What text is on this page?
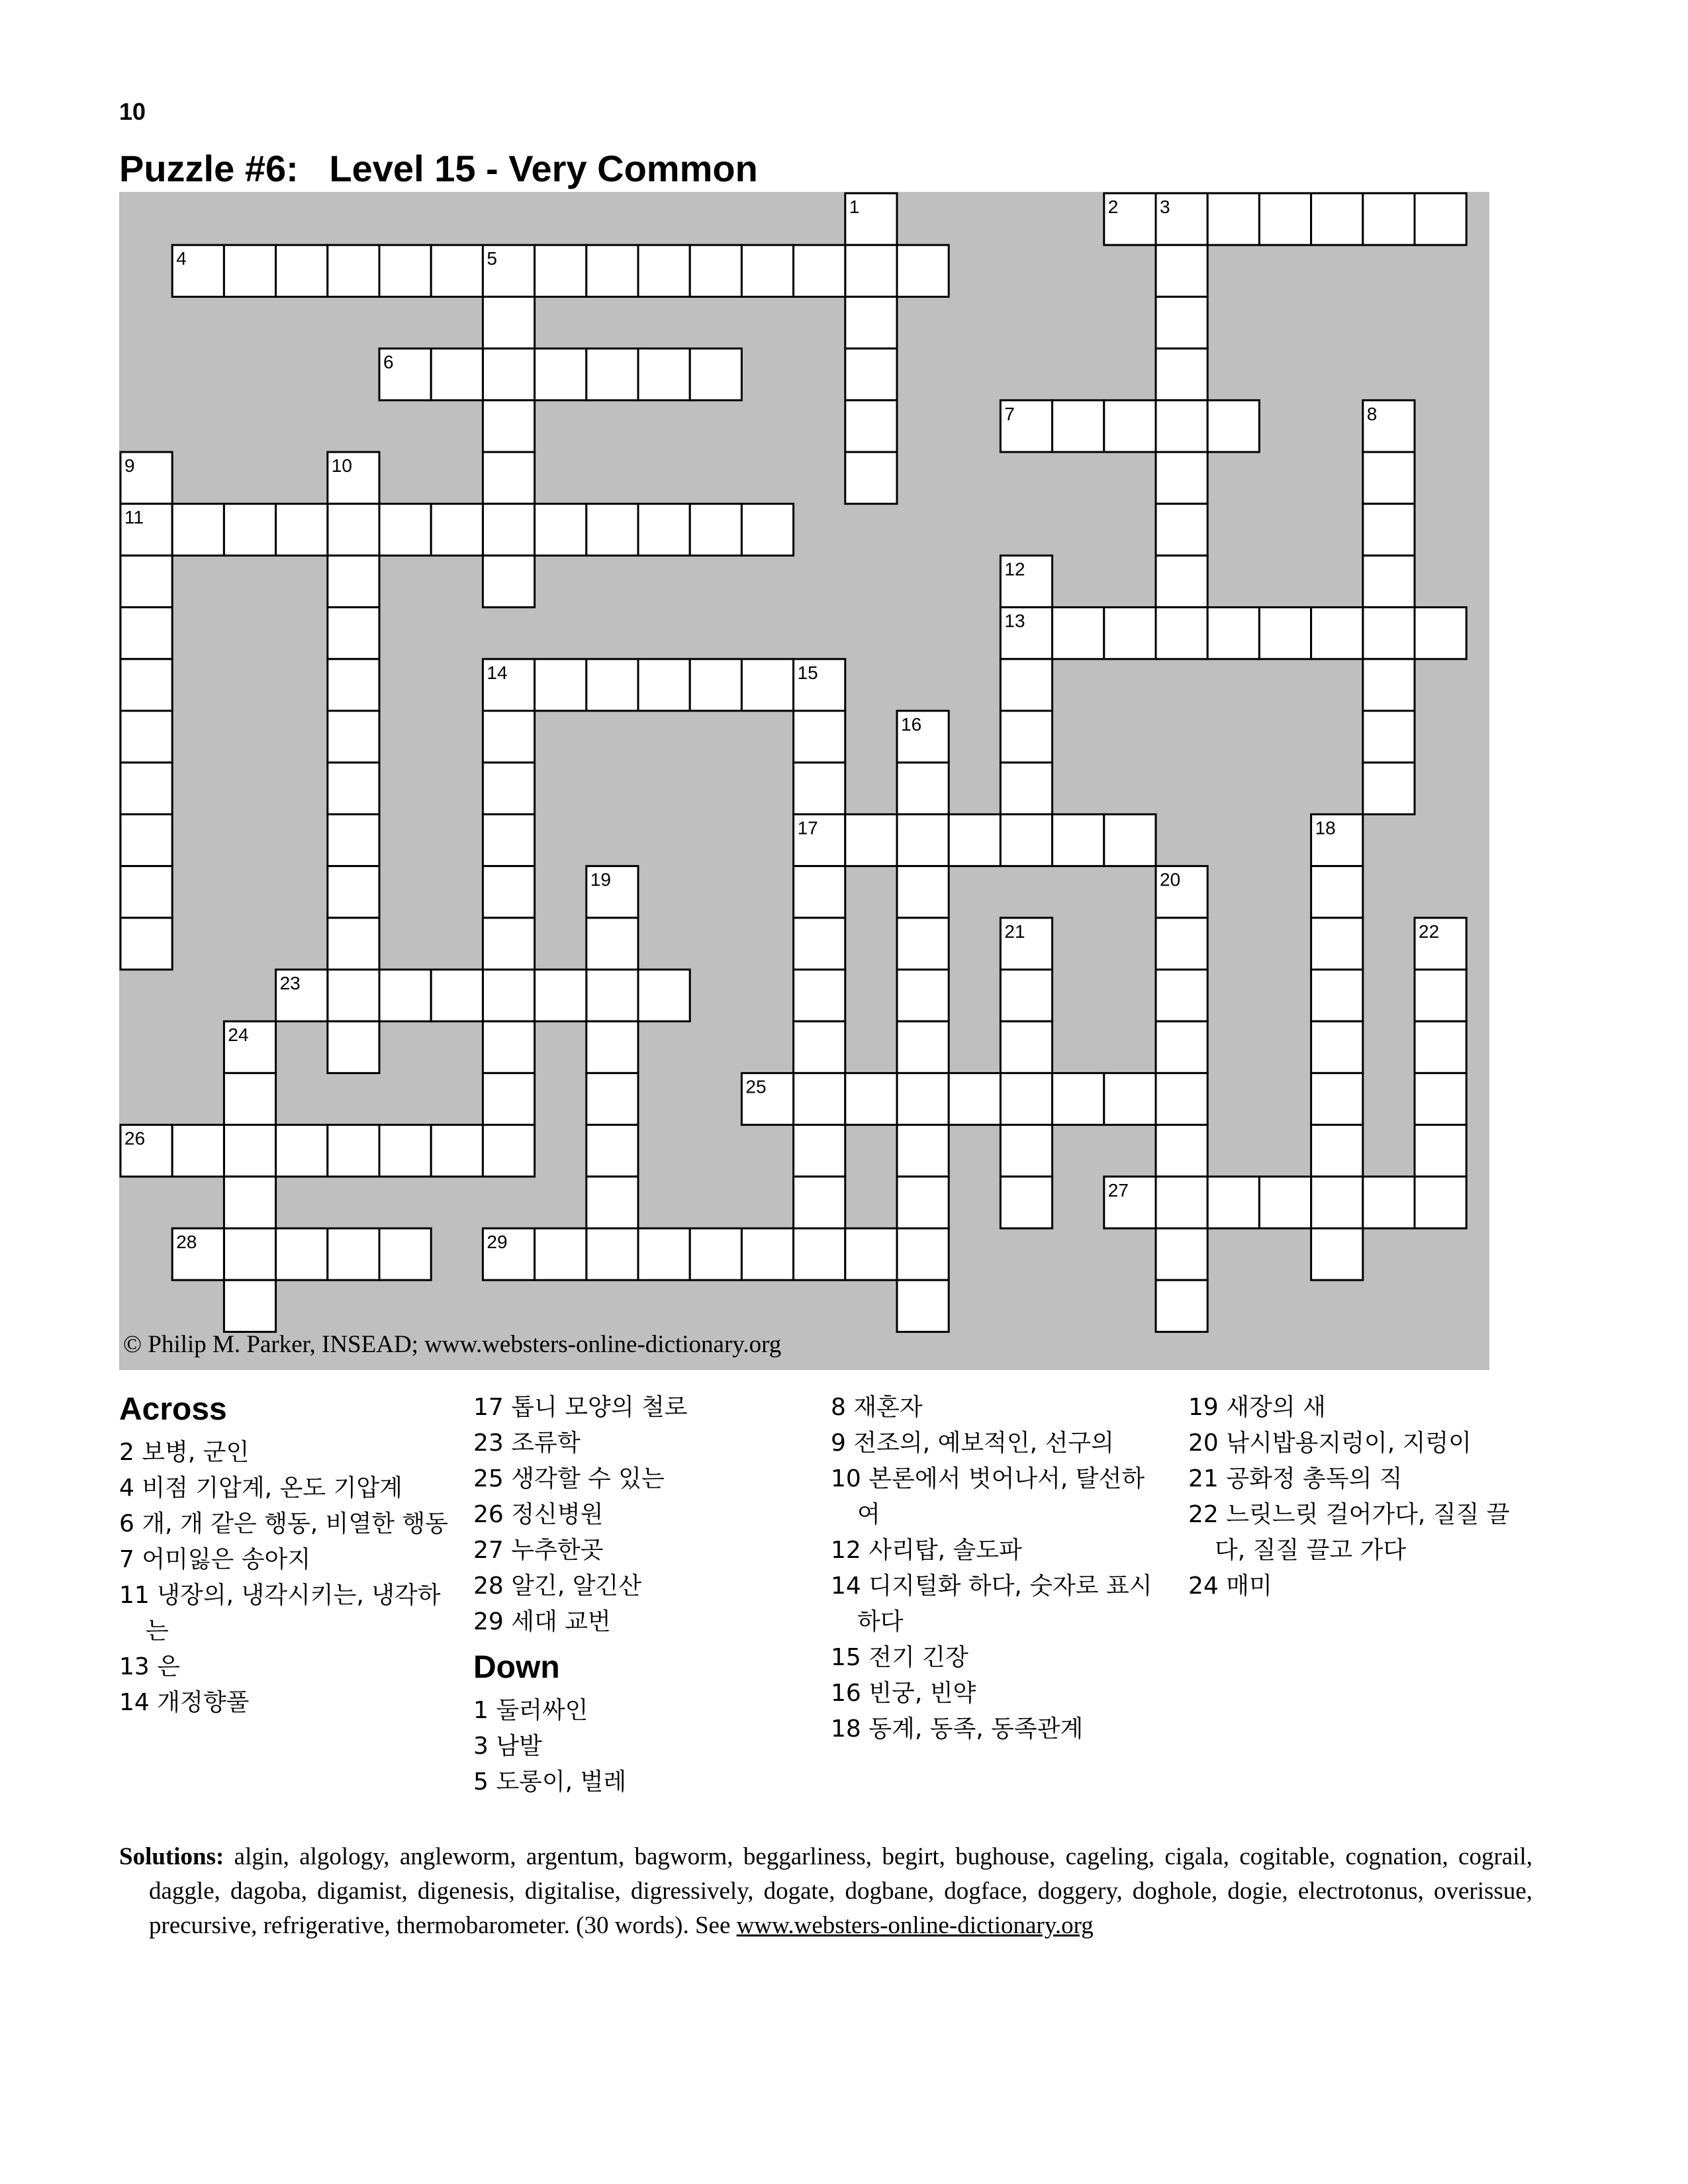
10
Puzzle #6:   Level 15 - Very Common
1	2 3
4	5
6
7	8
9	10
11
12
13
14	15
16
17	18
19	20
21	22
23
24
25
26
27
28	29
© Philip M. Parker, INSEAD; www.websters-online-dictionary.org
Across
2 보병, 군인
4 비점 기압계, 온도 기압계
6 개, 개 같은 행동, 비열한 행동
7 어미잃은 송아지
11 냉장의, 냉각시키는, 냉각하는
13 은
14 개정향풀
17 톱니 모양의 철로
23 조류학
25 생각할 수 있는
26 정신병원
27 누추한곳
28 알긴, 알긴산
29 세대 교번
Down
1 둘러싸인
3 남발
5 도롱이, 벌레
8 재혼자
9 전조의, 예보적인, 선구의
10 본론에서 벗어나서, 탈선하여
12 사리탑, 솔도파
14 디지털화 하다, 숫자로 표시하다
15 전기 긴장
16 빈궁, 빈약
18 동계, 동족, 동족관계
19 새장의 새
20 낚시밥용지렁이, 지렁이
21 공화정 총독의 직
22 느릿느릿 걸어가다, 질질 끌다, 질질 끌고 가다
24 매미
Solutions: algin, algology, angleworm, argentum, bagworm, beggarliness, begirt, bughouse, cageling, cigala, cogitable, cognation, cograil, daggle, dagoba, digamist, digenesis, digitalise, digressively, dogate, dogbane, dogface, doggery, doghole, dogie, electrotonus, overissue, precursive, refrigerative, thermobarometer. (30 words). See www.websters-online-dictionary.org
